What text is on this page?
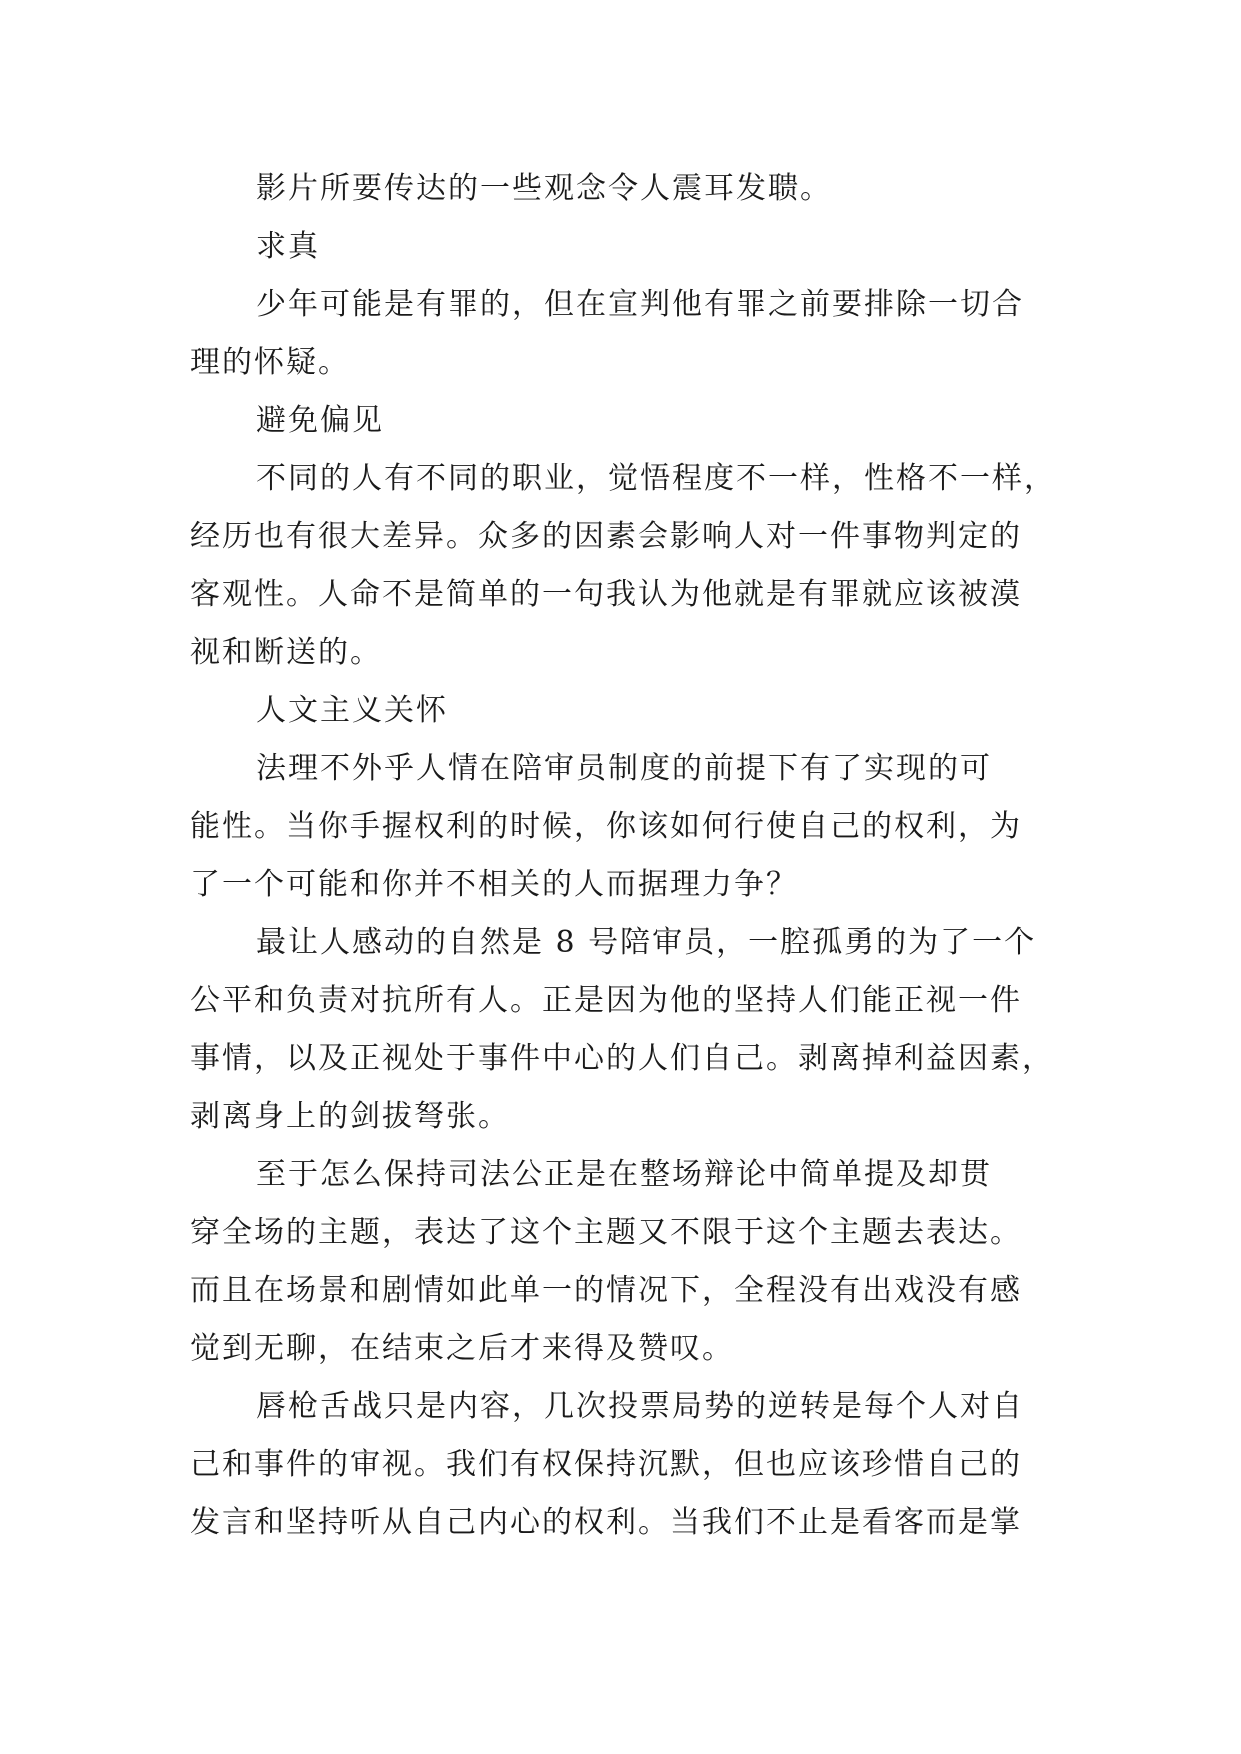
影片所要传达的一些观念令人震耳发聩。
求真
少年可能是有罪的，但在宣判他有罪之前要排除一切合
理的怀疑。
避免偏见
不同的人有不同的职业，觉悟程度不一样，性格不一样，
经历也有很大差异。众多的因素会影响人对一件事物判定的
客观性。人命不是简单的一句我认为他就是有罪就应该被漠
视和断送的。
人文主义关怀
法理不外乎人情在陪审员制度的前提下有了实现的可
能性。当你手握权利的时候，你该如何行使自己的权利，为
了一个可能和你并不相关的人而据理力争？
最让人感动的自然是 8 号陪审员，一腔孤勇的为了一个
公平和负责对抗所有人。正是因为他的坚持人们能正视一件
事情，以及正视处于事件中心的人们自己。剥离掉利益因素，
剥离身上的剑拔弩张。
至于怎么保持司法公正是在整场辩论中简单提及却贯
穿全场的主题，表达了这个主题又不限于这个主题去表达。
而且在场景和剧情如此单一的情况下，全程没有出戏没有感
觉到无聊，在结束之后才来得及赞叹。
唇枪舌战只是内容，几次投票局势的逆转是每个人对自
己和事件的审视。我们有权保持沉默，但也应该珍惜自己的
发言和坚持听从自己内心的权利。当我们不止是看客而是掌
